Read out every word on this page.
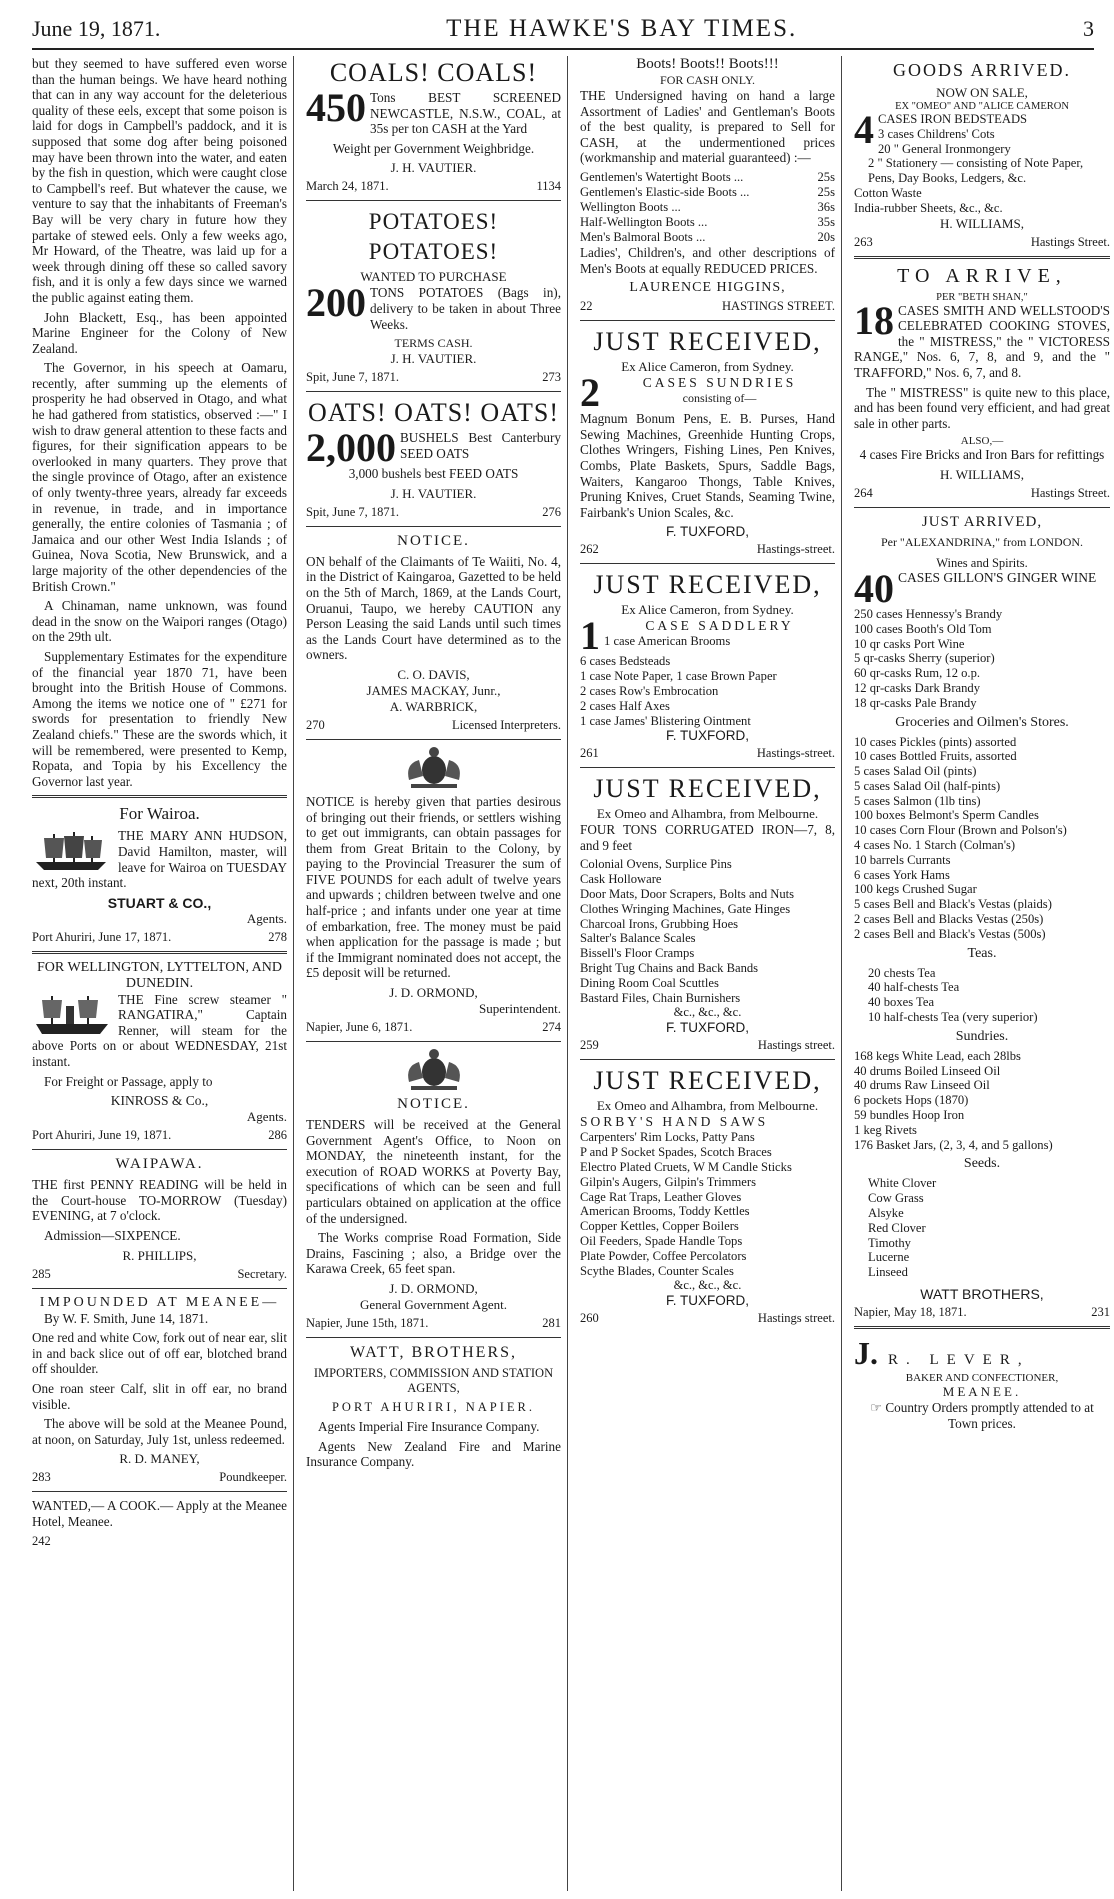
June 19, 1871.	THE HAWKE'S BAY TIMES.	3

but they seemed to have suffered even worse than the human beings. We have heard nothing that can in any way account for the deleterious quality of these eels, except that some poison is laid for dogs in Campbell's paddock, and it is supposed that some dog after being poisoned may have been thrown into the water, and eaten by the fish in question, which were caught close to Campbell's reef. But whatever the cause, we venture to say that the inhabitants of Freeman's Bay will be very chary in future how they partake of stewed eels. Only a few weeks ago, Mr Howard, of the Theatre, was laid up for a week through dining off these so called savory fish, and it is only a few days since we warned the public against eating them.

John Blackett, Esq., has been appointed Marine Engineer for the Colony of New Zealand.

The Governor, in his speech at Oamaru, recently, after summing up the elements of prosperity he had observed in Otago, and what he had gathered from statistics, observed :—" I wish to draw general attention to these facts and figures, for their signification appears to be overlooked in many quarters. They prove that the single province of Otago, after an existence of only twenty-three years, already far exceeds in revenue, in trade, and in importance generally, the entire colonies of Tasmania ; of Jamaica and our other West India Islands ; of Guinea, Nova Scotia, New Brunswick, and a large majority of the other dependencies of the British Crown."

A Chinaman, name unknown, was found dead in the snow on the Waipori ranges (Otago) on the 29th ult.

Supplementary Estimates for the expenditure of the financial year 1870 71, have been brought into the British House of Commons. Among the items we notice one of " £271 for swords for presentation to friendly New Zealand chiefs." These are the swords which, it will be remembered, were presented to Kemp, Ropata, and Topia by his Excellency the Governor last year.

For Wairoa.

THE MARY ANN HUDSON, David Hamilton, master, will leave for Wairoa on TUESDAY next, 20th instant.

STUART & CO.,
Agents.
Port Ahuriri, June 17, 1871.	278
FOR WELLINGTON, LYTTELTON, AND DUNEDIN.

THE Fine screw steamer " RANGATIRA," Captain Renner, will steam for the above Ports on or about WEDNESDAY, 21st instant.

For Freight or Passage, apply to

KINROSS & Co.,
Agents.
Port Ahuriri, June 19, 1871.	286
WAIPAWA.

THE first PENNY READING will be held in the Court-house TO-MORROW (Tuesday) EVENING, at 7 o'clock.

Admission—SIXPENCE.

R. PHILLIPS,
285	Secretary.
IMPOUNDED AT MEANEE—

By W. F. Smith, June 14, 1871.

One red and white Cow, fork out of near ear, slit in and back slice out of off ear, blotched brand off shoulder.

One roan steer Calf, slit in off ear, no brand visible.

The above will be sold at the Meanee Pound, at noon, on Saturday, July 1st, unless redeemed.

R. D. MANEY,
283	Poundkeeper.

WANTED,— A COOK.— Apply at the Meanee Hotel, Meanee.

242
COALS! COALS!
450 Tons BEST SCREENED NEWCASTLE, N.S.W., COAL, at 35s per ton CASH at the Yard

Weight per Government Weighbridge.

J. H. VAUTIER.
March 24, 1871.	1134
POTATOES! POTATOES!
WANTED TO PURCHASE
200 TONS POTATOES (Bags in), delivery to be taken in about Three Weeks.

TERMS CASH.
J. H. VAUTIER.
Spit, June 7, 1871.	273
OATS! OATS! OATS!
2,000 BUSHELS Best Canterbury SEED OATS

3,000 bushels best FEED OATS

J. H. VAUTIER.
Spit, June 7, 1871.	276
NOTICE.

ON behalf of the Claimants of Te Waiiti, No. 4, in the District of Kaingaroa, Gazetted to be held on the 5th of March, 1869, at the Lands Court, Oruanui, Taupo, we hereby CAUTION any Person Leasing the said Lands until such times as the Lands Court have determined as to the owners.

C. O. DAVIS,
JAMES MACKAY, Junr.,
A. WARBRICK,
270	Licensed Interpreters.

NOTICE is hereby given that parties desirous of bringing out their friends, or settlers wishing to get out immigrants, can obtain passages for them from Great Britain to the Colony, by paying to the Provincial Treasurer the sum of FIVE POUNDS for each adult of twelve years and upwards ; children between twelve and one half-price ; and infants under one year at time of embarkation, free. The money must be paid when application for the passage is made ; but if the Immigrant nominated does not accept, the £5 deposit will be returned.

J. D. ORMOND,
Superintendent.
Napier, June 6, 1871.	274
NOTICE.

TENDERS will be received at the General Government Agent's Office, to Noon on MONDAY, the nineteenth instant, for the execution of ROAD WORKS at Poverty Bay, specifications of which can be seen and full particulars obtained on application at the office of the undersigned.

The Works comprise Road Formation, Side Drains, Fascining ; also, a Bridge over the Karawa Creek, 65 feet span.

J. D. ORMOND,
General Government Agent.
Napier, June 15th, 1871.	281
WATT, BROTHERS,
IMPORTERS, COMMISSION AND STATION AGENTS,
PORT AHURIRI, NAPIER.

Agents Imperial Fire Insurance Company.

Agents New Zealand Fire and Marine Insurance Company.

Boots! Boots!! Boots!!!
FOR CASH ONLY.

THE Undersigned having on hand a large Assortment of Ladies' and Gentleman's Boots of the best quality, is prepared to Sell for CASH, at the undermentioned prices (workmanship and material guaranteed) :—

Gentlemen's Watertight Boots ...	25s
Gentlemen's Elastic-side Boots ...	25s
Wellington Boots ...	36s
Half-Wellington Boots ...	35s
Men's Balmoral Boots ...	20s

Ladies', Children's, and other descriptions of Men's Boots at equally REDUCED PRICES.

LAURENCE HIGGINS,
22	HASTINGS STREET.
JUST RECEIVED,
Ex Alice Cameron, from Sydney.
2	CASES SUNDRIES
consisting of—

Magnum Bonum Pens, E. B. Purses, Hand Sewing Machines, Greenhide Hunting Crops, Clothes Wringers, Fishing Lines, Pen Knives, Combs, Plate Baskets, Spurs, Saddle Bags, Waiters, Kangaroo Thongs, Table Knives, Pruning Knives, Cruet Stands, Seaming Twine, Fairbank's Union Scales, &c.

F. TUXFORD,
262	Hastings-street.
JUST RECEIVED,
Ex Alice Cameron, from Sydney.
1	CASE SADDLERY
1 case American Brooms
6 cases Bedsteads
1 case Note Paper, 1 case Brown Paper
2 cases Row's Embrocation
2 cases Half Axes
1 case James' Blistering Ointment
F. TUXFORD,
261	Hastings-street.
JUST RECEIVED,
Ex Omeo and Alhambra, from Melbourne.

FOUR TONS CORRUGATED IRON—7, 8, and 9 feet

Colonial Ovens, Surplice Pins
Cask Holloware
Door Mats, Door Scrapers, Bolts and Nuts
Clothes Wringing Machines, Gate Hinges
Charcoal Irons, Grubbing Hoes
Salter's Balance Scales
Bissell's Floor Cramps
Bright Tug Chains and Back Bands
Dining Room Coal Scuttles
Bastard Files, Chain Burnishers
&c., &c., &c.
F. TUXFORD,
259	Hastings street.
JUST RECEIVED,
Ex Omeo and Alhambra, from Melbourne.
SORBY'S HAND SAWS
Carpenters' Rim Locks, Patty Pans
P and P Socket Spades, Scotch Braces
Electro Plated Cruets, W M Candle Sticks
Gilpin's Augers, Gilpin's Trimmers
Cage Rat Traps, Leather Gloves
American Brooms, Toddy Kettles
Copper Kettles, Copper Boilers
Oil Feeders, Spade Handle Tops
Plate Powder, Coffee Percolators
Scythe Blades, Counter Scales
&c., &c., &c.
F. TUXFORD,
260	Hastings street.
GOODS ARRIVED.
NOW ON SALE,
EX "OMEO" AND "ALICE CAMERON
4 CASES IRON BEDSTEADS
3 cases Childrens' Cots
20 " General Ironmongery
2 " Stationery — consisting of Note Paper, Pens, Day Books, Ledgers, &c.
Cotton Waste
India-rubber Sheets, &c., &c.
H. WILLIAMS,
263	Hastings Street.
TO ARRIVE,
PER "BETH SHAN,"
18 CASES SMITH AND WELLSTOOD'S CELEBRATED COOKING STOVES, the " MISTRESS," the " VICTORESS RANGE," Nos. 6, 7, 8, and 9, and the " TRAFFORD," Nos. 6, 7, and 8.

The " MISTRESS" is quite new to this place, and has been found very efficient, and had great sale in other parts.

ALSO,—

4 cases Fire Bricks and Iron Bars for refittings

H. WILLIAMS,
264	Hastings Street.
JUST ARRIVED,
Per "ALEXANDRINA," from LONDON.
Wines and Spirits.
40 CASES GILLON'S GINGER WINE
250 cases Hennessy's Brandy
100 cases Booth's Old Tom
10 qr casks Port Wine
5 qr-casks Sherry (superior)
60 qr-casks Rum, 12 o.p.
12 qr-casks Dark Brandy
18 qr-casks Pale Brandy
Groceries and Oilmen's Stores.
10 cases Pickles (pints) assorted
10 cases Bottled Fruits, assorted
5 cases Salad Oil (pints)
5 cases Salad Oil (half-pints)
5 cases Salmon (1lb tins)
100 boxes Belmont's Sperm Candles
10 cases Corn Flour (Brown and Polson's)
4 cases No. 1 Starch (Colman's)
10 barrels Currants
6 cases York Hams
100 kegs Crushed Sugar
5 cases Bell and Black's Vestas (plaids)
2 cases Bell and Blacks Vestas (250s)
2 cases Bell and Black's Vestas (500s)
Teas.
20 chests Tea
40 half-chests Tea
40 boxes Tea
10 half-chests Tea (very superior)
Sundries.
168 kegs White Lead, each 28lbs
40 drums Boiled Linseed Oil
40 drums Raw Linseed Oil
6 pockets Hops (1870)
59 bundles Hoop Iron
1 keg Rivets
176 Basket Jars, (2, 3, 4, and 5 gallons)
Seeds.
White Clover
Cow Grass
Alsyke
Red Clover
Timothy
Lucerne
Linseed
WATT BROTHERS,
Napier, May 18, 1871.	231
J. R. LEVER,
BAKER AND CONFECTIONER,
MEANEE.

☞ Country Orders promptly attended to at Town prices.
